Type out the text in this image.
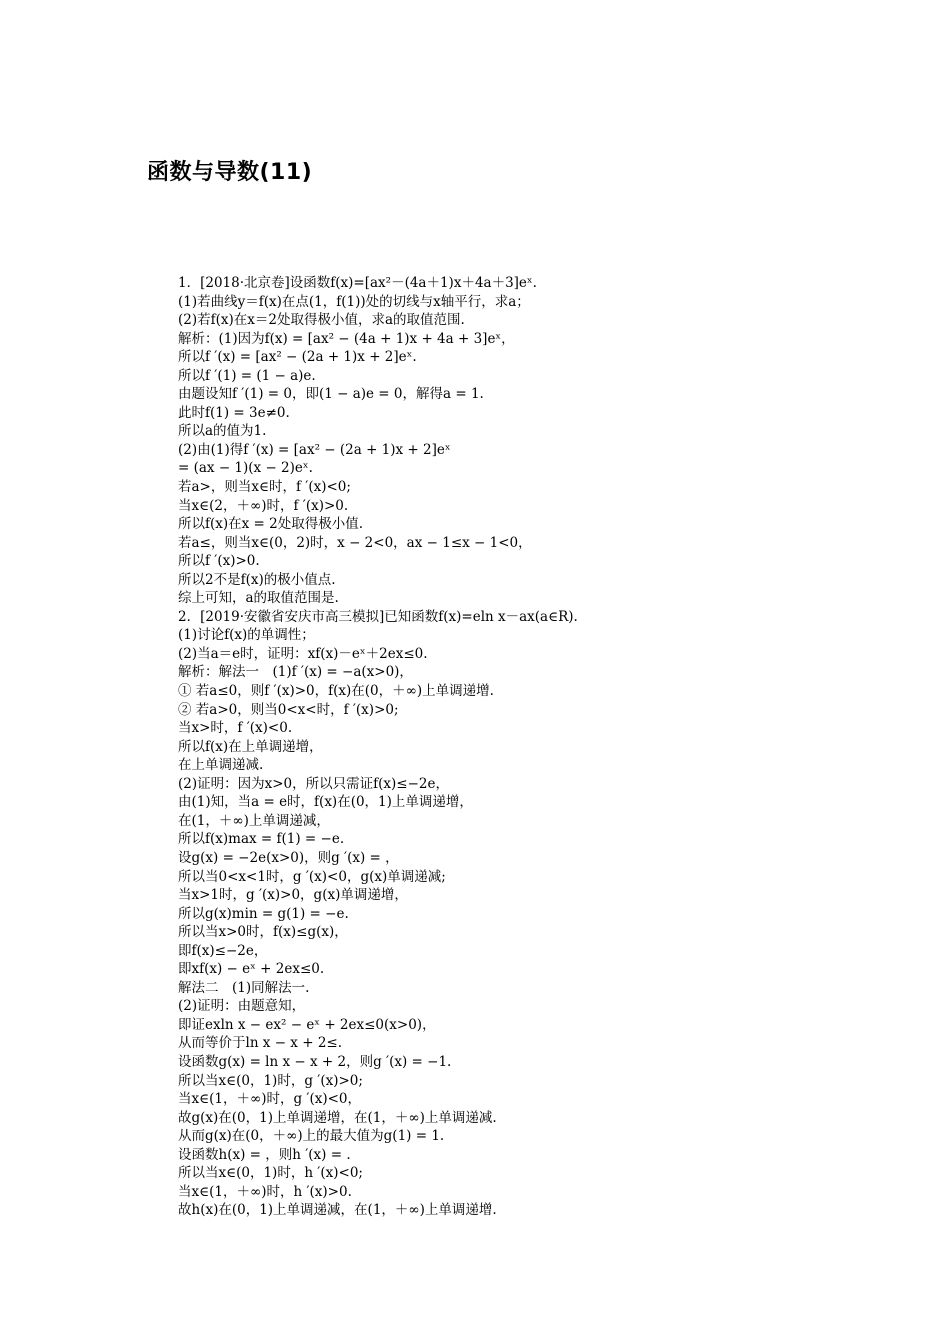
函数与导数(11)
1．[2018·北京卷]设函数f(x)=[ax²－(4a＋1)x＋4a＋3]eˣ.
(1)若曲线y＝f(x)在点(1，f(1))处的切线与x轴平行，求a；
(2)若f(x)在x＝2处取得极小值，求a的取值范围.
解析：(1)因为f(x) = [ax² − (4a + 1)x + 4a + 3]eˣ，
所以f ′(x) = [ax² − (2a + 1)x + 2]eˣ.
所以f ′(1) = (1 − a)e.
由题设知f ′(1) = 0，即(1 − a)e = 0，解得a = 1.
此时f(1) = 3e≠0.
所以a的值为1.
(2)由(1)得f ′(x) = [ax² − (2a + 1)x + 2]eˣ
= (ax − 1)(x − 2)eˣ.
若a>，则当x∈时，f ′(x)<0;
当x∈(2，＋∞)时，f ′(x)>0.
所以f(x)在x = 2处取得极小值.
若a≤，则当x∈(0，2)时，x − 2<0，ax − 1≤x − 1<0，
所以f ′(x)>0.
所以2不是f(x)的极小值点.
综上可知，a的取值范围是.
2．[2019·安徽省安庆市高三模拟]已知函数f(x)=eln x－ax(a∈R).
(1)讨论f(x)的单调性；
(2)当a＝e时，证明：xf(x)－eˣ＋2ex≤0.
解析：解法一　(1)f ′(x) = −a(x>0)，
① 若a≤0，则f ′(x)>0，f(x)在(0，＋∞)上单调递增.
② 若a>0，则当0<x<时，f ′(x)>0;
当x>时，f ′(x)<0.
所以f(x)在上单调递增，
在上单调递减.
(2)证明：因为x>0，所以只需证f(x)≤−2e，
由(1)知，当a = e时，f(x)在(0，1)上单调递增，
在(1，＋∞)上单调递减，
所以f(x)max = f(1) = −e.
设g(x) = −2e(x>0)，则g ′(x) = ，
所以当0<x<1时，g ′(x)<0，g(x)单调递减;
当x>1时，g ′(x)>0，g(x)单调递增，
所以g(x)min = g(1) = −e.
所以当x>0时，f(x)≤g(x)，
即f(x)≤−2e，
即xf(x) − eˣ + 2ex≤0.
解法二　(1)同解法一.
(2)证明：由题意知，
即证exln x − ex² − eˣ + 2ex≤0(x>0)，
从而等价于ln x − x + 2≤.
设函数g(x) = ln x − x + 2，则g ′(x) = −1.
所以当x∈(0，1)时，g ′(x)>0;
当x∈(1，＋∞)时，g ′(x)<0，
故g(x)在(0，1)上单调递增，在(1，＋∞)上单调递减.
从而g(x)在(0，＋∞)上的最大值为g(1) = 1.
设函数h(x) = ，则h ′(x) = .
所以当x∈(0，1)时，h ′(x)<0;
当x∈(1，＋∞)时，h ′(x)>0.
故h(x)在(0，1)上单调递减，在(1，＋∞)上单调递增.
